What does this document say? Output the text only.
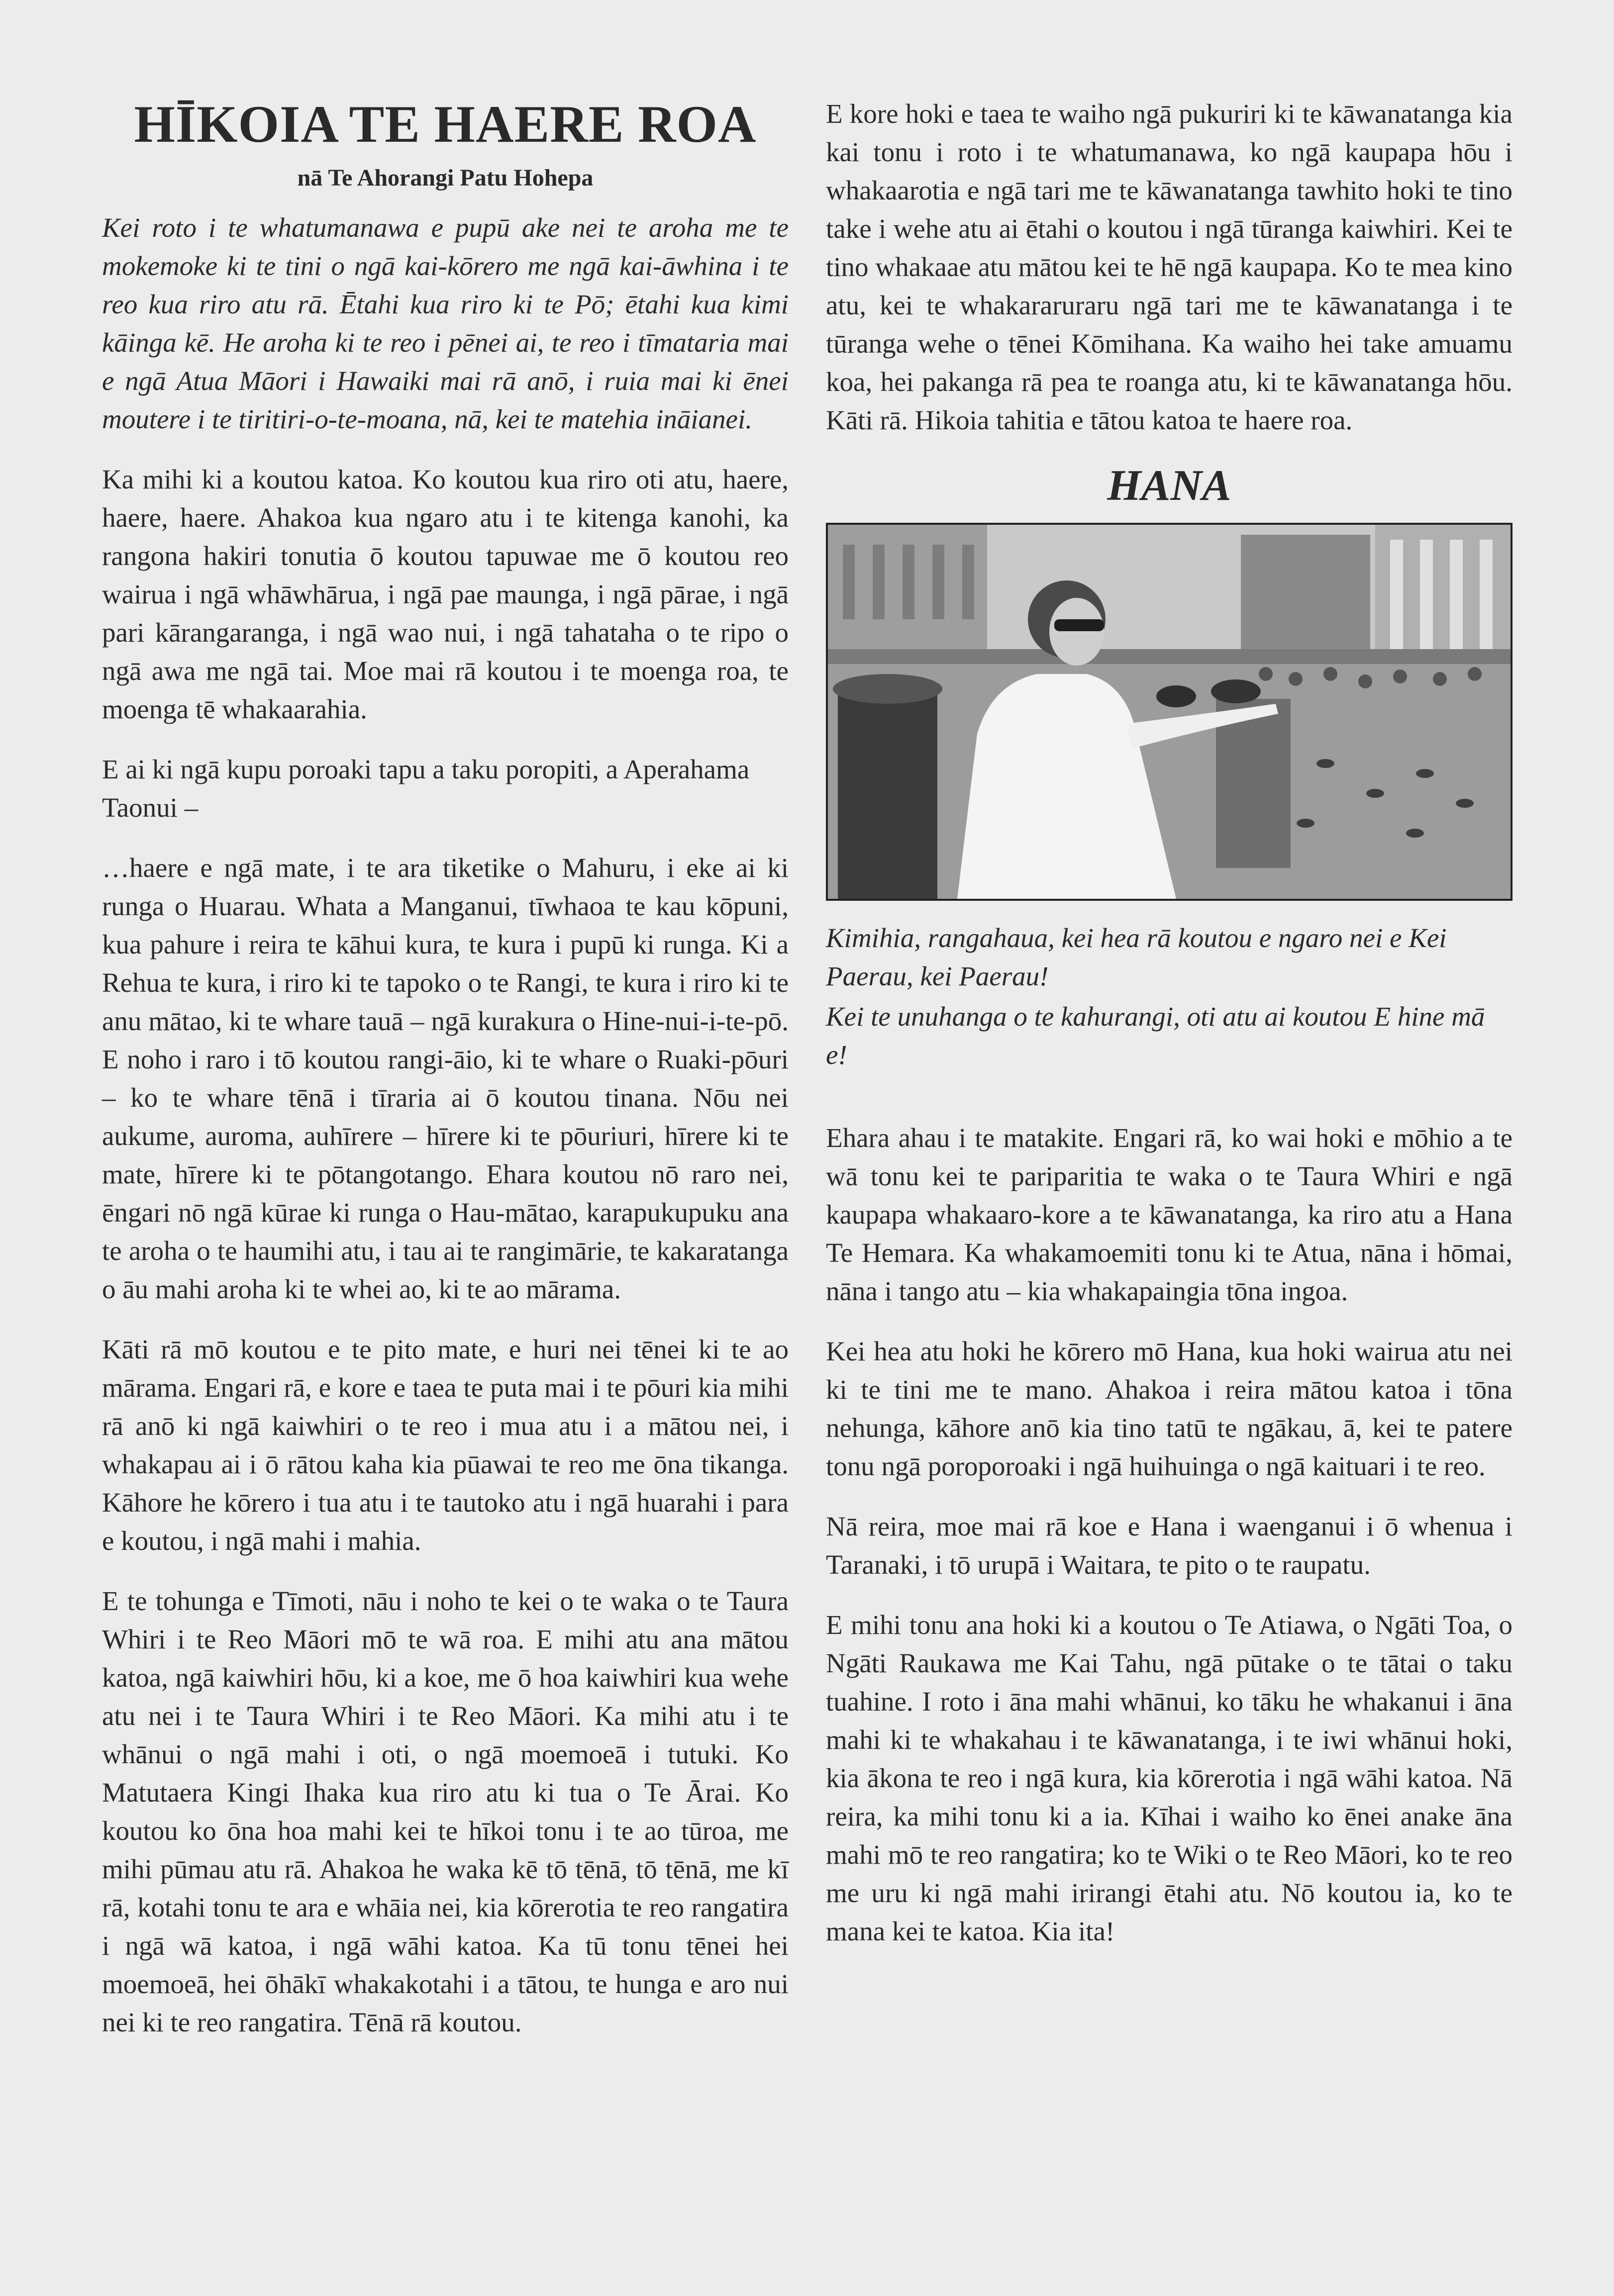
HĪKOIA TE HAERE ROA
nā Te Ahorangi Patu Hohepa

Kei roto i te whatumanawa e pupū ake nei te aroha me te mokemoke ki te tini o ngā kai-kōrero me ngā kai-āwhina i te reo kua riro atu rā. Ētahi kua riro ki te Pō; ētahi kua kimi kāinga kē. He aroha ki te reo i pēnei ai, te reo i tīmataria mai e ngā Atua Māori i Hawaiki mai rā anō, i ruia mai ki ēnei moutere i te tiritiri-o-te-moana, nā, kei te matehia ināianei.

Ka mihi ki a koutou katoa. Ko koutou kua riro oti atu, haere, haere, haere. Ahakoa kua ngaro atu i te kitenga kanohi, ka rangona hakiri tonutia ō koutou tapuwae me ō koutou reo wairua i ngā whāwhārua, i ngā pae maunga, i ngā pārae, i ngā pari kārangaranga, i ngā wao nui, i ngā tahataha o te ripo o ngā awa me ngā tai. Moe mai rā koutou i te moenga roa, te moenga tē whakaarahia.

E ai ki ngā kupu poroaki tapu a taku poropiti, a Aperahama Taonui –

…haere e ngā mate, i te ara tiketike o Mahuru, i eke ai ki runga o Huarau. Whata a Manganui, tīwhaoa te kau kōpuni, kua pahure i reira te kāhui kura, te kura i pupū ki runga. Ki a Rehua te kura, i riro ki te tapoko o te Rangi, te kura i riro ki te anu mātao, ki te whare tauā – ngā kurakura o Hine-nui-i-te-pō. E noho i raro i tō koutou rangi-āio, ki te whare o Ruaki-pōuri – ko te whare tēnā i tīraria ai ō koutou tinana. Nōu nei aukume, auroma, auhīrere – hīrere ki te pōuriuri, hīrere ki te mate, hīrere ki te pōtangotango. Ehara koutou nō raro nei, ēngari nō ngā kūrae ki runga o Hau-mātao, karapukupuku ana te aroha o te haumihi atu, i tau ai te rangimārie, te kakaratanga o āu mahi aroha ki te whei ao, ki te ao mārama.

Kāti rā mō koutou e te pito mate, e huri nei tēnei ki te ao mārama. Engari rā, e kore e taea te puta mai i te pōuri kia mihi rā anō ki ngā kaiwhiri o te reo i mua atu i a mātou nei, i whakapau ai i ō rātou kaha kia pūawai te reo me ōna tikanga. Kāhore he kōrero i tua atu i te tautoko atu i ngā huarahi i para e koutou, i ngā mahi i mahia.

E te tohunga e Tīmoti, nāu i noho te kei o te waka o te Taura Whiri i te Reo Māori mō te wā roa. E mihi atu ana mātou katoa, ngā kaiwhiri hōu, ki a koe, me ō hoa kaiwhiri kua wehe atu nei i te Taura Whiri i te Reo Māori. Ka mihi atu i te whānui o ngā mahi i oti, o ngā moemoeā i tutuki. Ko Matutaera Kingi Ihaka kua riro atu ki tua o Te Ārai. Ko koutou ko ōna hoa mahi kei te hīkoi tonu i te ao tūroa, me mihi pūmau atu rā. Ahakoa he waka kē tō tēnā, tō tēnā, me kī rā, kotahi tonu te ara e whāia nei, kia kōrerotia te reo rangatira i ngā wā katoa, i ngā wāhi katoa. Ka tū tonu tēnei hei moemoeā, hei ōhākī whakakotahi i a tātou, te hunga e aro nui nei ki te reo rangatira. Tēnā rā koutou.

E kore hoki e taea te waiho ngā pukuriri ki te kāwanatanga kia kai tonu i roto i te whatumanawa, ko ngā kaupapa hōu i whakaarotia e ngā tari me te kāwanatanga tawhito hoki te tino take i wehe atu ai ētahi o koutou i ngā tūranga kaiwhiri. Kei te tino whakaae atu mātou kei te hē ngā kaupapa. Ko te mea kino atu, kei te whakararuraru ngā tari me te kāwanatanga i te tūranga wehe o tēnei Kōmihana. Ka waiho hei take amuamu koa, hei pakanga rā pea te roanga atu, ki te kāwanatanga hōu. Kāti rā. Hikoia tahitia e tātou katoa te haere roa.

HANA

Kimihia, rangahaua, kei hea rā koutou e ngaro nei e Kei Paerau, kei Paerau!

Kei te unuhanga o te kahurangi, oti atu ai koutou E hine mā e!

Ehara ahau i te matakite. Engari rā, ko wai hoki e mōhio a te wā tonu kei te pariparitia te waka o te Taura Whiri e ngā kaupapa whakaaro-kore a te kāwanatanga, ka riro atu a Hana Te Hemara. Ka whakamoemiti tonu ki te Atua, nāna i hōmai, nāna i tango atu – kia whakapaingia tōna ingoa.

Kei hea atu hoki he kōrero mō Hana, kua hoki wairua atu nei ki te tini me te mano. Ahakoa i reira mātou katoa i tōna nehunga, kāhore anō kia tino tatū te ngākau, ā, kei te patere tonu ngā poroporoaki i ngā huihuinga o ngā kaituari i te reo.

Nā reira, moe mai rā koe e Hana i waenganui i ō whenua i Taranaki, i tō urupā i Waitara, te pito o te raupatu.

E mihi tonu ana hoki ki a koutou o Te Atiawa, o Ngāti Toa, o Ngāti Raukawa me Kai Tahu, ngā pūtake o te tātai o taku tuahine. I roto i āna mahi whānui, ko tāku he whakanui i āna mahi ki te whakahau i te kāwanatanga, i te iwi whānui hoki, kia ākona te reo i ngā kura, kia kōrerotia i ngā wāhi katoa. Nā reira, ka mihi tonu ki a ia. Kīhai i waiho ko ēnei anake āna mahi mō te reo rangatira; ko te Wiki o te Reo Māori, ko te reo me uru ki ngā mahi irirangi ētahi atu. Nō koutou ia, ko te mana kei te katoa. Kia ita!
